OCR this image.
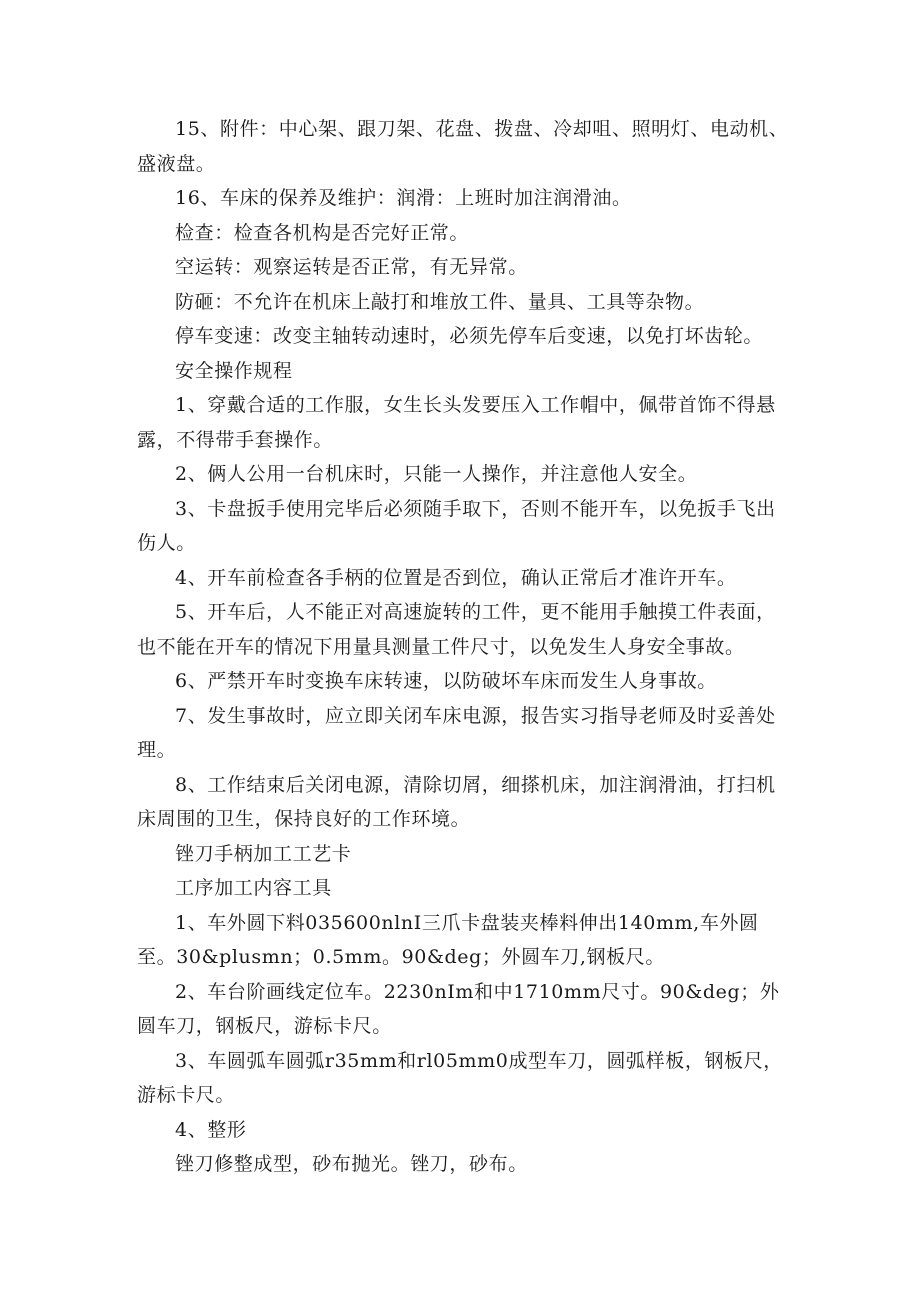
15、附件：中心架、跟刀架、花盘、拨盘、冷却咀、照明灯、电动机、盛液盘。

16、车床的保养及维护：润滑：上班时加注润滑油。

检查：检查各机构是否完好正常。

空运转：观察运转是否正常，有无异常。

防砸：不允许在机床上敲打和堆放工件、量具、工具等杂物。

停车变速：改变主轴转动速时，必须先停车后变速，以免打坏齿轮。

安全操作规程

1、穿戴合适的工作服，女生长头发要压入工作帽中，佩带首饰不得悬露，不得带手套操作。

2、俩人公用一台机床时，只能一人操作，并注意他人安全。

3、卡盘扳手使用完毕后必须随手取下，否则不能开车，以免扳手飞出伤人。

4、开车前检查各手柄的位置是否到位，确认正常后才准许开车。

5、开车后，人不能正对高速旋转的工件，更不能用手触摸工件表面，也不能在开车的情况下用量具测量工件尺寸，以免发生人身安全事故。

6、严禁开车时变换车床转速，以防破坏车床而发生人身事故。

7、发生事故时，应立即关闭车床电源，报告实习指导老师及时妥善处理。

8、工作结束后关闭电源，清除切屑，细搽机床，加注润滑油，打扫机床周围的卫生，保持良好的工作环境。

锉刀手柄加工工艺卡

工序加工内容工具

1、车外圆下料035600nlnI三爪卡盘装夹棒料伸出140mm,车外圆至。30&plusmn；0.5mm。90&deg；外圆车刀,钢板尺。

2、车台阶画线定位车。2230nIm和中1710mm尺寸。90&deg；外圆车刀，钢板尺，游标卡尺。

3、车圆弧车圆弧r35mm和rl05mm0成型车刀，圆弧样板，钢板尺，游标卡尺。

4、整形

锉刀修整成型，砂布抛光。锉刀，砂布。
